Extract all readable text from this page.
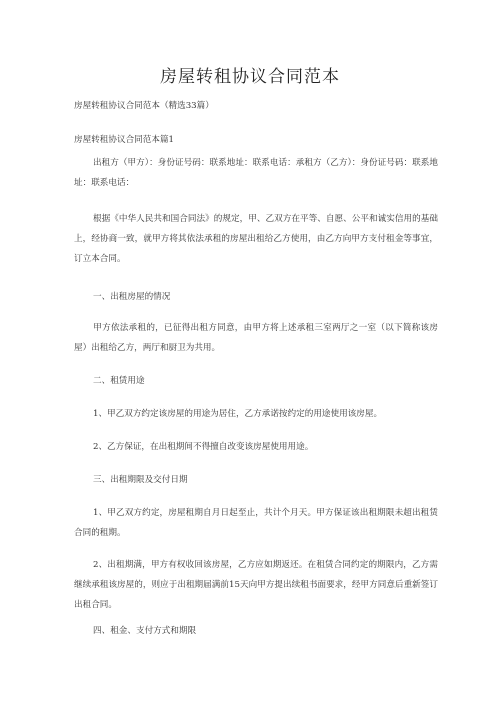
房屋转租协议合同范本
房屋转租协议合同范本（精选33篇）
房屋转租协议合同范本篇1
出租方（甲方）：身份证号码：联系地址：联系电话：承租方（乙方）：身份证号码：联系地址：联系电话：
根据《中华人民共和国合同法》的规定，甲、乙双方在平等、自愿、公平和诚实信用的基础上，经协商一致，就甲方将其依法承租的房屋出租给乙方使用，由乙方向甲方支付租金等事宜，订立本合同。
一、出租房屋的情况
甲方依法承租的，已征得出租方同意，由甲方将上述承租三室两厅之一室（以下简称该房屋）出租给乙方，两厅和厨卫为共用。
二、租赁用途
1、甲乙双方约定该房屋的用途为居住，乙方承诺按约定的用途使用该房屋。
2、乙方保证，在出租期间不得擅自改变该房屋使用用途。
三、出租期限及交付日期
1、甲乙双方约定，房屋租期自月日起至止，共计个月天。甲方保证该出租期限未超出租赁合同的租期。
2、出租期满，甲方有权收回该房屋，乙方应如期返还。在租赁合同约定的期限内，乙方需继续承租该房屋的，则应于出租期届满前15天向甲方提出续租书面要求，经甲方同意后重新签订出租合同。
四、租金、支付方式和期限
